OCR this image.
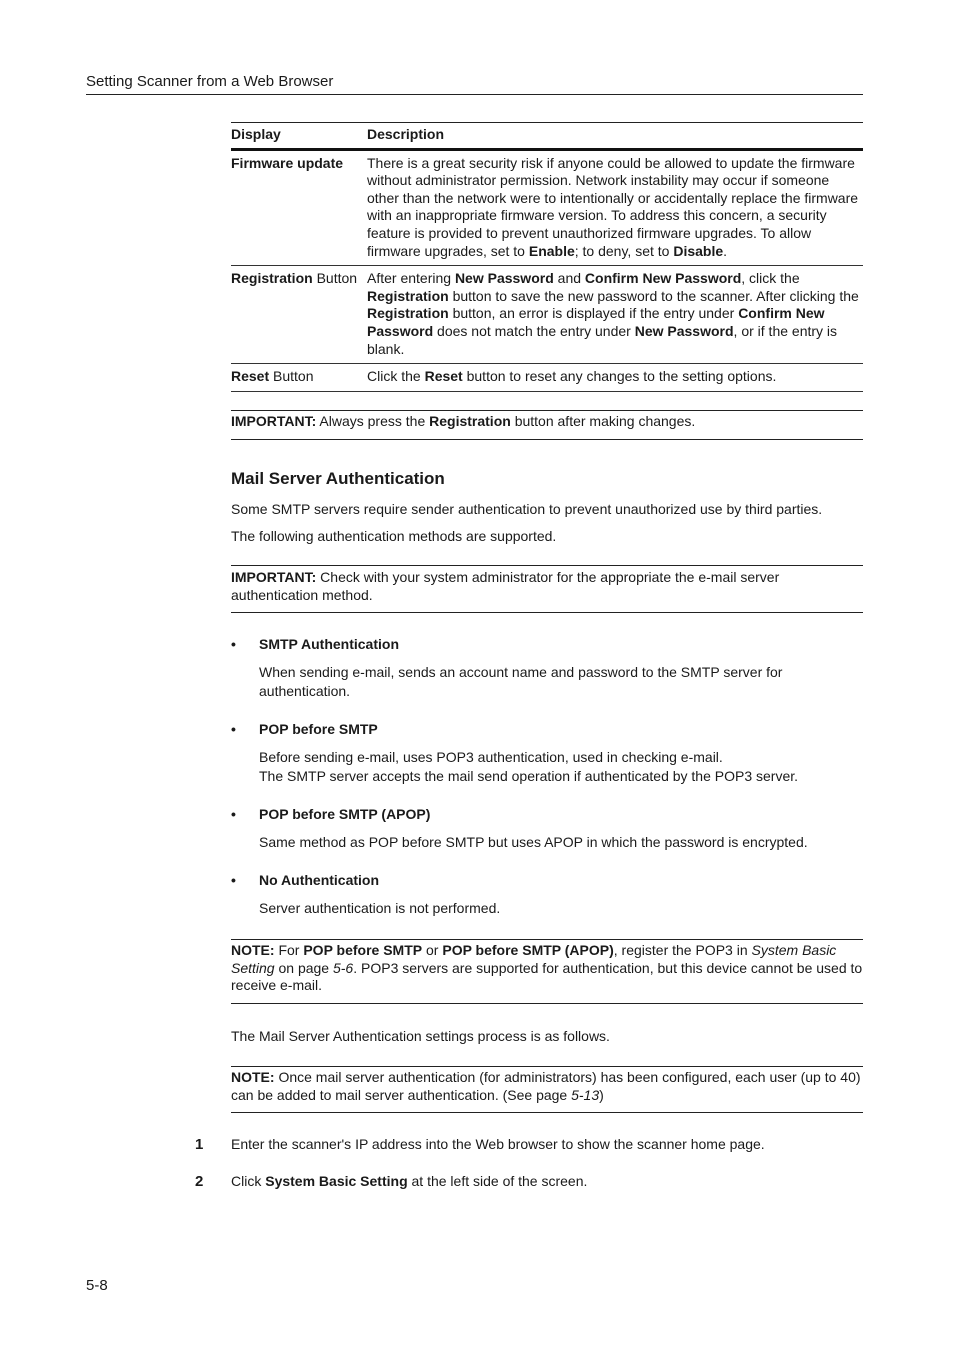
Setting Scanner from a Web Browser
Display	Description
Firmware update	There is a great security risk if anyone could be allowed to update the firmware without administrator permission. Network instability may occur if someone other than the network were to intentionally or accidentally replace the firmware with an inappropriate firmware version. To address this concern, a security feature is provided to prevent unauthorized firmware upgrades. To allow firmware upgrades, set to Enable; to deny, set to Disable.
Registration Button	After entering New Password and Confirm New Password, click the Registration button to save the new password to the scanner. After clicking the Registration button, an error is displayed if the entry under Confirm New Password does not match the entry under New Password, or if the entry is blank.
Reset Button	Click the Reset button to reset any changes to the setting options.
IMPORTANT: Always press the Registration button after making changes.
Mail Server Authentication
Some SMTP servers require sender authentication to prevent unauthorized use by third parties.
The following authentication methods are supported.
IMPORTANT: Check with your system administrator for the appropriate the e-mail server authentication method.
• SMTP Authentication
When sending e-mail, sends an account name and password to the SMTP server for authentication.
• POP before SMTP
Before sending e-mail, uses POP3 authentication, used in checking e-mail.
The SMTP server accepts the mail send operation if authenticated by the POP3 server.
• POP before SMTP (APOP)
Same method as POP before SMTP but uses APOP in which the password is encrypted.
• No Authentication
Server authentication is not performed.
NOTE: For POP before SMTP or POP before SMTP (APOP), register the POP3 in System Basic Setting on page 5-6. POP3 servers are supported for authentication, but this device cannot be used to receive e-mail.
The Mail Server Authentication settings process is as follows.
NOTE: Once mail server authentication (for administrators) has been configured, each user (up to 40) can be added to mail server authentication. (See page 5-13)
1 Enter the scanner's IP address into the Web browser to show the scanner home page.
2 Click System Basic Setting at the left side of the screen.
5-8
